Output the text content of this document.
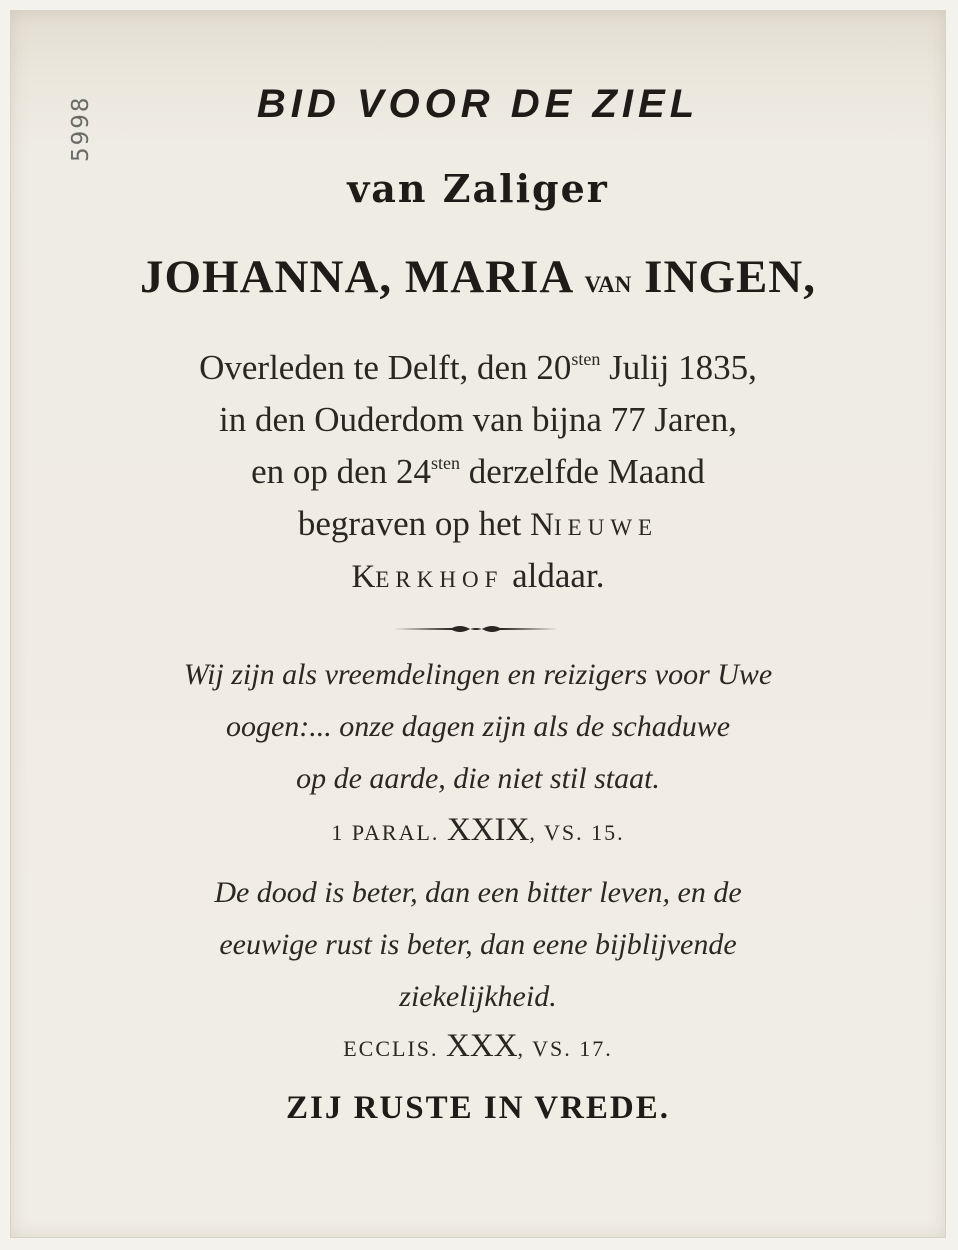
5998	BID VOOR DE ZIEL
van Zaliger
JOHANNA, MARIA VAN INGEN,
Overleden te Delft, den $20^{sten}$ Julij 1835,
in den Ouderdom van bijna 77 Jaren,
en op den $24^{sten}$ derzelfde Maand
begraven op het NIEUWE
KERKHOF aldaar.
Wij zijn als vreemdelingen en reizigers voor Uwe
oogen:... onze dagen zijn als de schaduwe
op de aarde, die niet stil staat.
1 PARAL. XXIX, VS. 15.
De dood is beter, dan een bitter leven, en de
eeuwige rust is beter, dan eene bijblijvende
ziekelijkheid.
ECCLIS. XXX, VS. 17.
ZIJ RUSTE IN VREDE.
